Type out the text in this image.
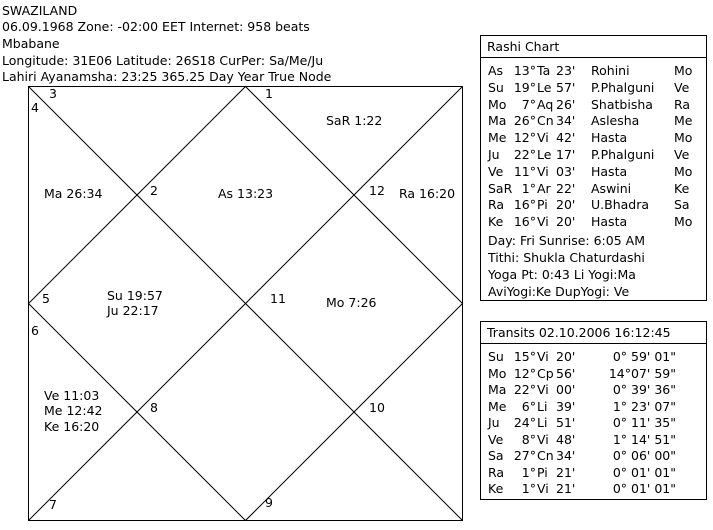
SWAZILAND
06.09.1968 Zone: -02:00 EET Internet: 958 beats
Mbabane
Longitude: 31E06 Latitude: 26S18 CurPer: Sa/Me/Ju
Lahiri Ayanamsha: 23:25 365.25 Day Year True Node
1
2
3
4
5
6
7
8
9
10
11
12
SaR 1:22
As 13:23
Ma 26:34	Ra 16:20
Su 19:57
Ju 22:17
Mo 7:26
Ve 11:03
Me 12:42
Ke 16:20
Rashi Chart
As 13° Ta 23' Rohini	Mo
Su 19° Le 57' P.Phalguni Ve
Mo 7° Aq 26' Shatbisha Ra
Ma 26° Cn 34' Aslesha	Me
Me 12° Vi 42' Hasta	Mo
Ju 22° Le 17' P.Phalguni Ve
Ve 11° Vi 03' Hasta	Mo
SaR 1° Ar 22' Aswini	Ke
Ra 16° Pi 20' U.Bhadra Sa
Ke 16° Vi 20' Hasta	Mo
Day: Fri Sunrise: 6:05 AM
Tithi: Shukla Chaturdashi
Yoga Pt: 0:43 Li Yogi:Ma
AviYogi:Ke DupYogi: Ve
Transits 02.10.2006 16:12:45
Su 15° Vi 20'	0° 59' 01"
Mo 12° Cp 56'	14°07' 59"
Ma 22° Vi 00'	0° 39' 36"
Me 6° Li 39'	1° 23' 07"
Ju 24° Li 51'	0° 11' 35"
Ve 8° Vi 48'	1° 14' 51"
Sa 27° Cn 34'	0° 06' 00"
Ra 1° Pi 21'	0° 01' 01"
Ke 1° Vi 21'	0° 01' 01"
